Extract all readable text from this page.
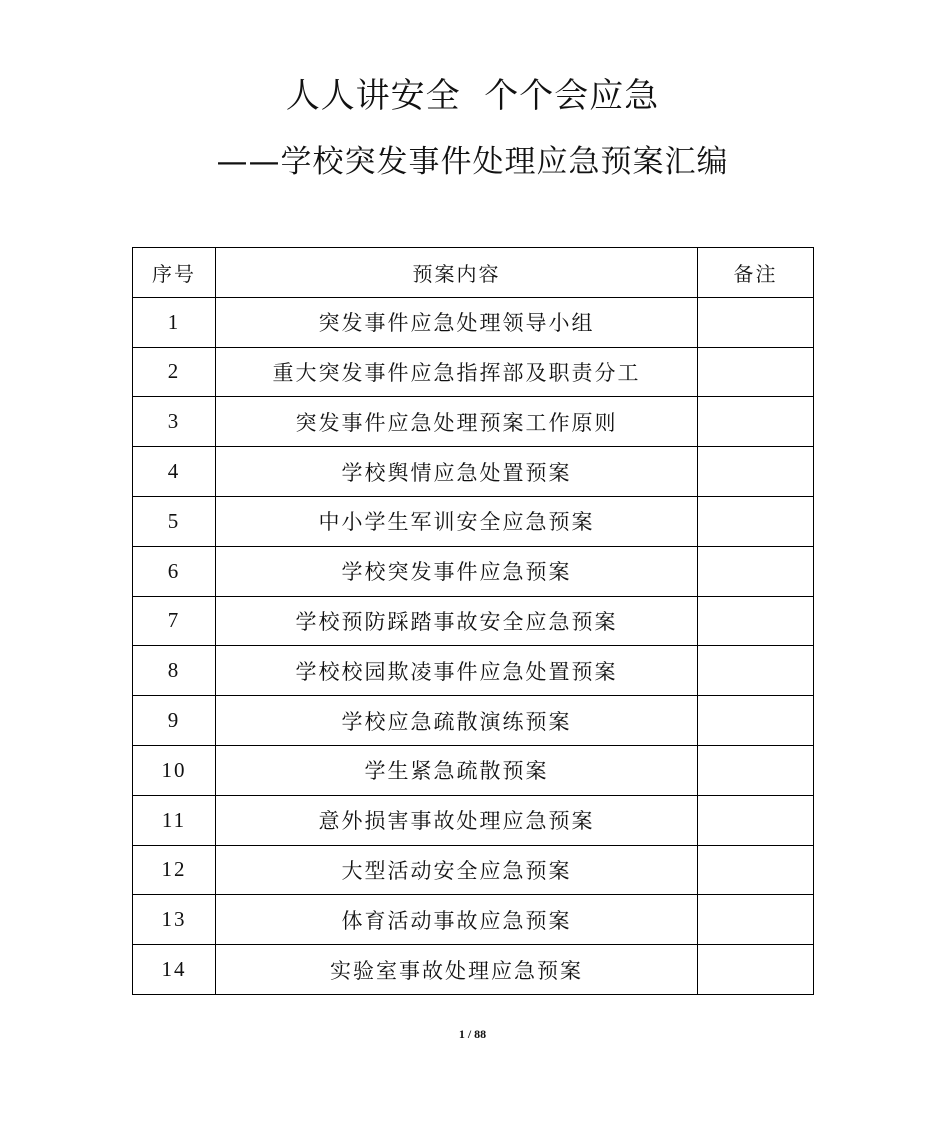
人人讲安全  个个会应急
——学校突发事件处理应急预案汇编
序号	预案内容	备注
1	突发事件应急处理领导小组	
2	重大突发事件应急指挥部及职责分工	
3	突发事件应急处理预案工作原则	
4	学校舆情应急处置预案	
5	中小学生军训安全应急预案	
6	学校突发事件应急预案	
7	学校预防踩踏事故安全应急预案	
8	学校校园欺凌事件应急处置预案	
9	学校应急疏散演练预案	
10	学生紧急疏散预案	
11	意外损害事故处理应急预案	
12	大型活动安全应急预案	
13	体育活动事故应急预案	
14	实验室事故处理应急预案	
1 / 88
